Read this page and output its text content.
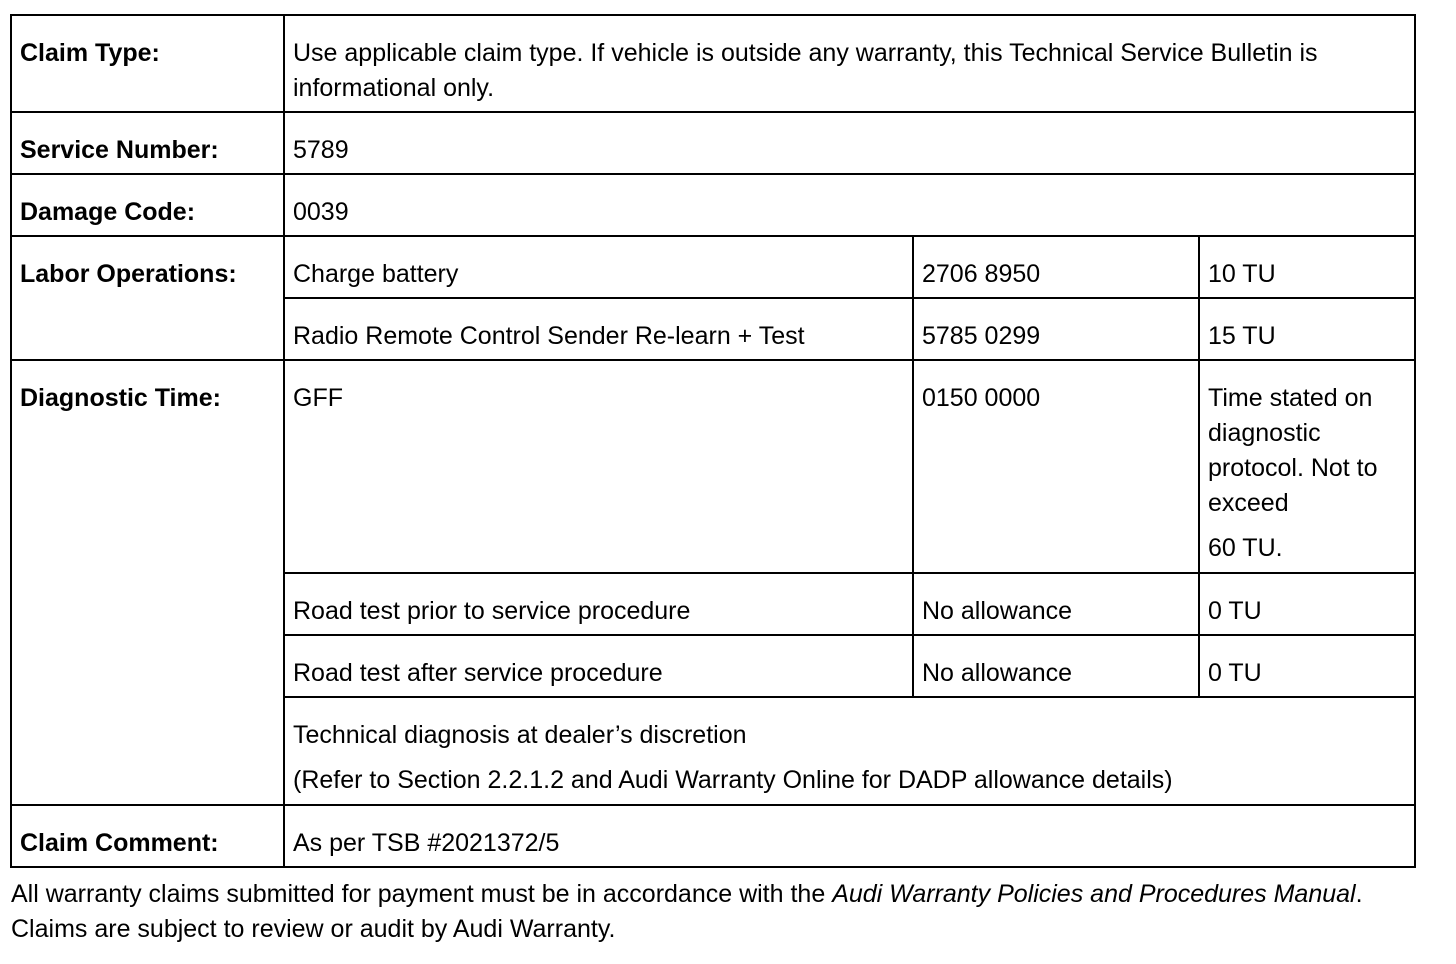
Claim Type:	Use applicable claim type. If vehicle is outside any warranty, this Technical Service Bulletin is informational only.		
Service Number:	5789		
Damage Code:	0039		
Labor Operations:	Charge battery	2706 8950	10 TU
	Radio Remote Control Sender Re-learn + Test	5785 0299	15 TU
Diagnostic Time:	GFF	0150 0000	Time stated on diagnostic protocol. Not to exceed
60 TU.

	Road test prior to service procedure	No allowance	0 TU
	Road test after service procedure	No allowance	0 TU
	Technical diagnosis at dealer’s discretion
(Refer to Section 2.2.1.2 and Audi Warranty Online for DADP allowance details)		

Claim Comment:	As per TSB #2021372/5		
All warranty claims submitted for payment must be in accordance with the Audi Warranty Policies and Procedures Manual. Claims are subject to review or audit by Audi Warranty.
